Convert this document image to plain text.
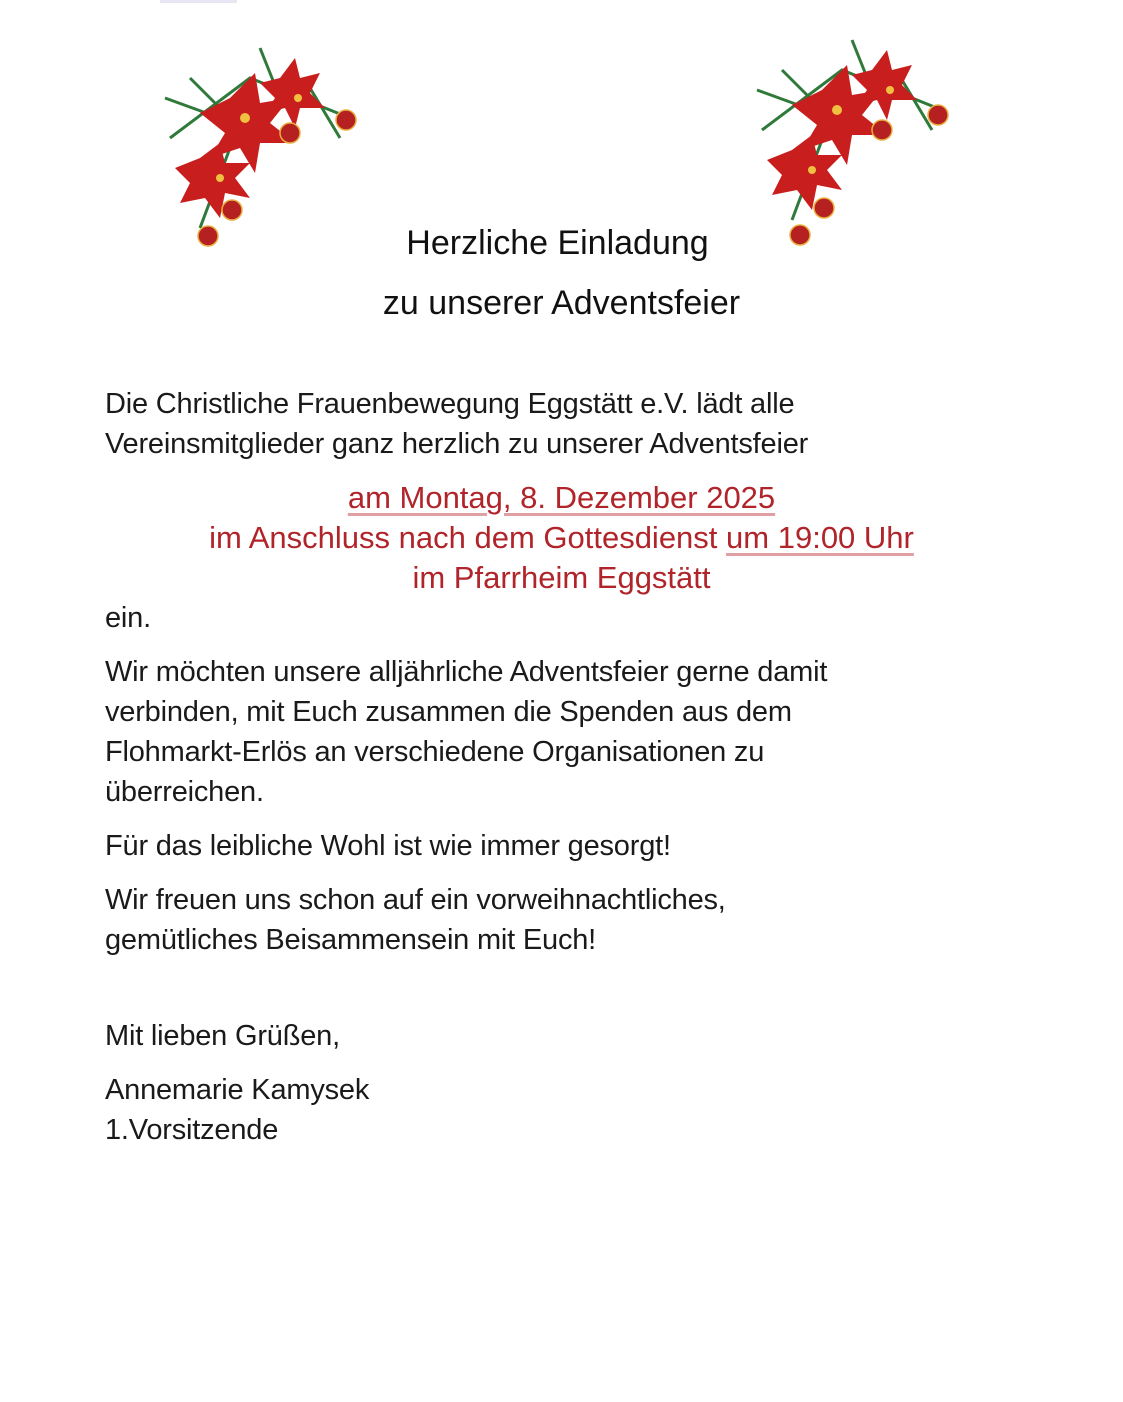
Herzliche Einladung
zu unserer Adventsfeier
Die Christliche Frauenbewegung Eggstätt e.V. lädt alle
Vereinsmitglieder ganz herzlich zu unserer Adventsfeier
am Montag, 8. Dezember 2025
im Anschluss nach dem Gottesdienst um 19:00 Uhr
im Pfarrheim Eggstätt
ein.
Wir möchten unsere alljährliche Adventsfeier gerne damit
verbinden, mit Euch zusammen die Spenden aus dem
Flohmarkt-Erlös an verschiedene Organisationen zu
überreichen.
Für das leibliche Wohl ist wie immer gesorgt!
Wir freuen uns schon auf ein vorweihnachtliches,
gemütliches Beisammensein mit Euch!
Mit lieben Grüßen,
Annemarie Kamysek
1.Vorsitzende
